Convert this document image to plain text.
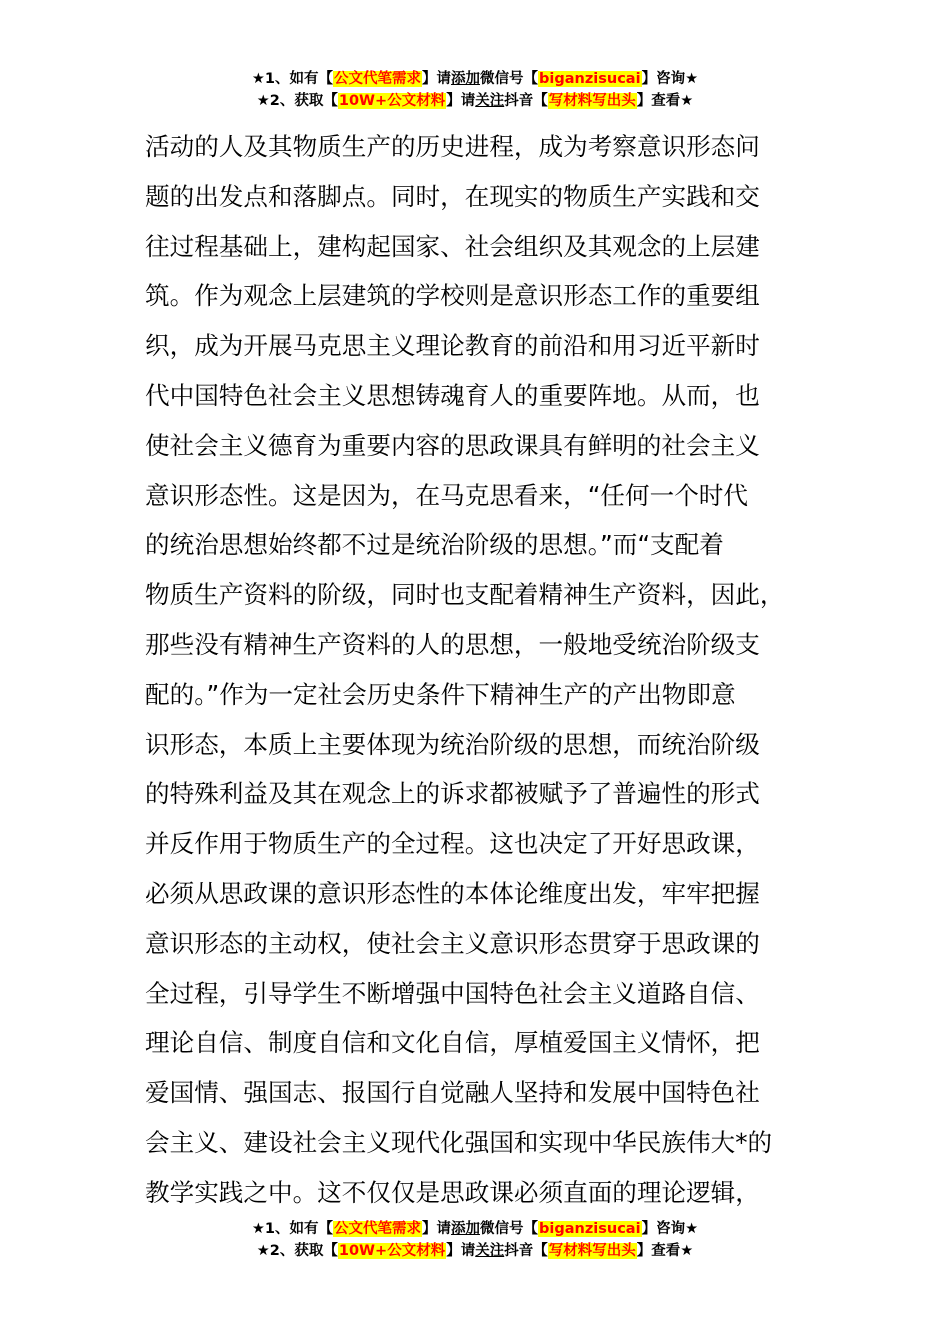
★1、如有【公文代笔需求】请添加微信号【biganzisucai】咨询★
★2、获取【10W+公文材料】请关注抖音【写材料写出头】查看★
活动的人及其物质生产的历史进程，成为考察意识形态问
题的出发点和落脚点。同时，在现实的物质生产实践和交
往过程基础上，建构起国家、社会组织及其观念的上层建
筑。作为观念上层建筑的学校则是意识形态工作的重要组
织，成为开展马克思主义理论教育的前沿和用习近平新时
代中国特色社会主义思想铸魂育人的重要阵地。从而，也
使社会主义德育为重要内容的思政课具有鲜明的社会主义
意识形态性。这是因为，在马克思看来，“任何一个时代
的统治思想始终都不过是统治阶级的思想。”而“支配着
物质生产资料的阶级，同时也支配着精神生产资料，因此，
那些没有精神生产资料的人的思想，一般地受统治阶级支
配的。”作为一定社会历史条件下精神生产的产出物即意
识形态，本质上主要体现为统治阶级的思想，而统治阶级
的特殊利益及其在观念上的诉求都被赋予了普遍性的形式
并反作用于物质生产的全过程。这也决定了开好思政课，
必须从思政课的意识形态性的本体论维度出发，牢牢把握
意识形态的主动权，使社会主义意识形态贯穿于思政课的
全过程，引导学生不断增强中国特色社会主义道路自信、
理论自信、制度自信和文化自信，厚植爱国主义情怀，把
爱国情、强国志、报国行自觉融人坚持和发展中国特色社
会主义、建设社会主义现代化强国和实现中华民族伟大*的
教学实践之中。这不仅仅是思政课必须直面的理论逻辑，
★1、如有【公文代笔需求】请添加微信号【biganzisucai】咨询★
★2、获取【10W+公文材料】请关注抖音【写材料写出头】查看★
